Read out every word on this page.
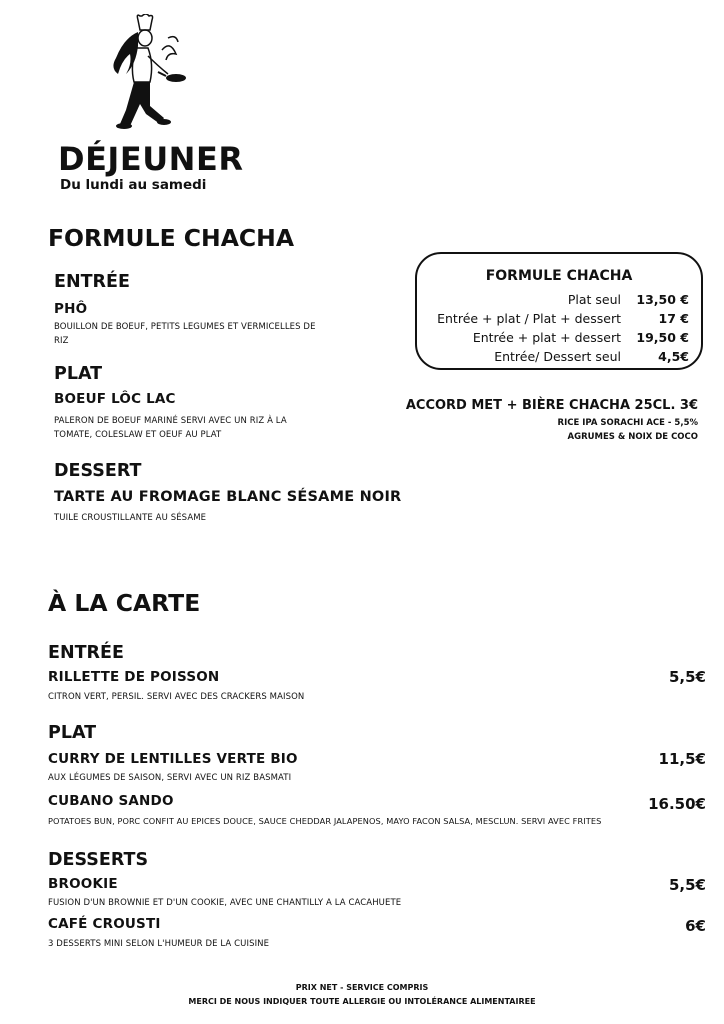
DÉJEUNER
Du lundi au samedi
FORMULE CHACHA
ENTRÉE
PHÔ
BOUILLON DE BOEUF, PETITS LEGUMES ET VERMICELLES DE
RIZ
PLAT
BOEUF LÔC LAC
PALERON DE BOEUF MARINÉ SERVI AVEC UN RIZ À LA
TOMATE, COLESLAW ET OEUF AU PLAT
DESSERT
TARTE AU FROMAGE BLANC SÉSAME NOIR
TUILE CROUSTILLANTE AU SÉSAME
FORMULE CHACHA
Plat seul	13,50 €
Entrée + plat / Plat + dessert	17 €
Entrée + plat + dessert	19,50 €
Entrée/ Dessert seul	4,5€
ACCORD MET + BIÈRE CHACHA 25CL. 3€
RICE IPA SORACHI ACE - 5,5%
AGRUMES & NOIX DE COCO
À LA CARTE
ENTRÉE
RILLETTE DE POISSON
CITRON VERT, PERSIL. SERVI AVEC DES CRACKERS MAISON
5,5€
PLAT
CURRY DE LENTILLES VERTE BIO
AUX LÉGUMES DE SAISON, SERVI AVEC UN RIZ BASMATI
11,5€
CUBANO SANDO
POTATOES BUN, PORC CONFIT AU EPICES DOUCE, SAUCE CHEDDAR JALAPENOS, MAYO FACON SALSA, MESCLUN. SERVI AVEC FRITES
16.50€
DESSERTS
BROOKIE
FUSION D'UN BROWNIE ET D'UN COOKIE, AVEC UNE CHANTILLY A LA CACAHUETE
5,5€
CAFÉ CROUSTI
3 DESSERTS MINI SELON L'HUMEUR DE LA CUISINE
6€
PRIX NET - SERVICE COMPRIS
MERCI DE NOUS INDIQUER TOUTE ALLERGIE OU INTOLÉRANCE ALIMENTAIREE
